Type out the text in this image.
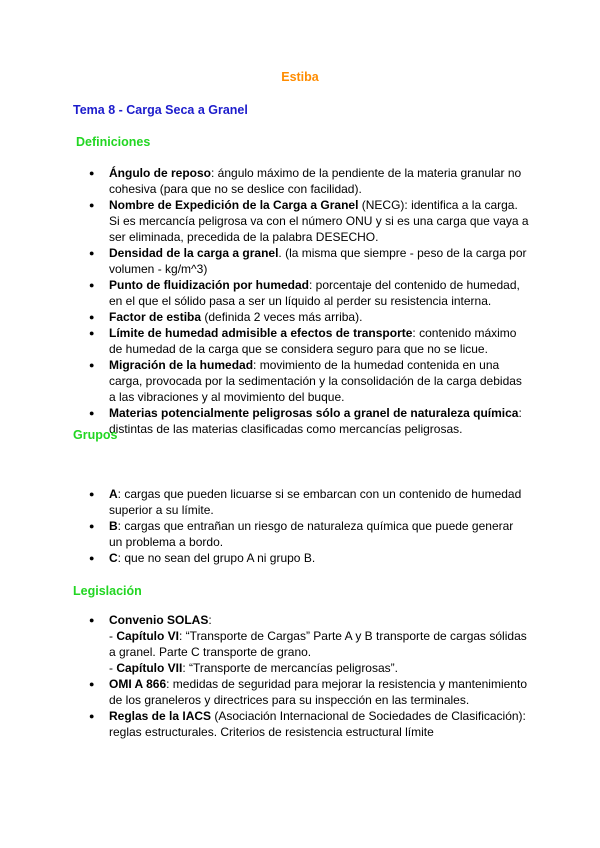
Estiba
Tema 8 - Carga Seca a Granel
Definiciones
● Ángulo de reposo: ángulo máximo de la pendiente de la materia granular no cohesiva (para que no se deslice con facilidad).
● Nombre de Expedición de la Carga a Granel (NECG): identifica a la carga. Si es mercancía peligrosa va con el número ONU y si es una carga que vaya a ser eliminada, precedida de la palabra DESECHO.
● Densidad de la carga a granel. (la misma que siempre - peso de la carga por volumen - kg/m^3)
● Punto de fluidización por humedad: porcentaje del contenido de humedad, en el que el sólido pasa a ser un líquido al perder su resistencia interna.
● Factor de estiba (definida 2 veces más arriba).
● Límite de humedad admisible a efectos de transporte: contenido máximo de humedad de la carga que se considera seguro para que no se licue.
● Migración de la humedad: movimiento de la humedad contenida en una carga, provocada por la sedimentación y la consolidación de la carga debidas a las vibraciones y al movimiento del buque.
● Materias potencialmente peligrosas sólo a granel de naturaleza química: distintas de las materias clasificadas como mercancías peligrosas.
Grupos
● A: cargas que pueden licuarse si se embarcan con un contenido de humedad superior a su límite.
● B: cargas que entrañan un riesgo de naturaleza química que puede generar un problema a bordo.
● C: que no sean del grupo A ni grupo B.
Legislación
● Convenio SOLAS:
- Capítulo VI: “Transporte de Cargas” Parte A y B transporte de cargas sólidas a granel. Parte C transporte de grano.
- Capítulo VII: “Transporte de mercancías peligrosas”.
● OMI A 866: medidas de seguridad para mejorar la resistencia y mantenimiento de los graneleros y directrices para su inspección en las terminales.
● Reglas de la IACS (Asociación Internacional de Sociedades de Clasificación): reglas estructurales. Criterios de resistencia estructural límite
